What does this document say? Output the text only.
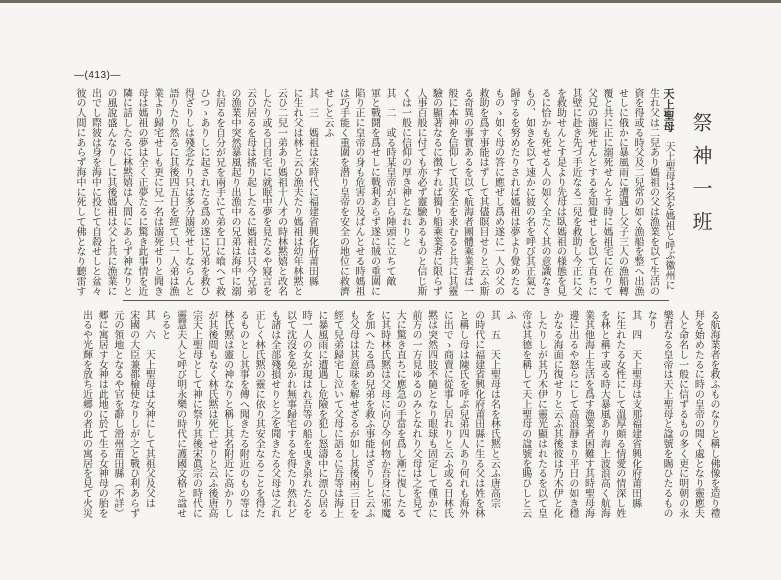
―(413)―
祭神一班
天上聖母　天上聖母は名を媽祖と呼ぶ徽州に
生れ父は二兒あり媽祖の父は漁業を以て生活の
資を得或る時父及二兒常の如く漁船を整へ出漁
せしに俄かに暴風雨に遭遇し父子三人の漁船轉
覆と共に正に溺死せんとす時に媽祖宅に在りて
父兄の溺死せんとするを知覺せしを以て直ちに
其壁に赴き先づ手近なる二兒を救助し今正に父
を救助せんとす是より先母は臥媽祖の様態を見
るに恰かも死せる人の如く全たく其の意識なき
もの、如きを以て速かに彼の名を呼び其正氣に
歸するを努めたりされば媽祖は夢より覺めたる
ものゝ如く母の答に應ぜし爲め遂に一人の父の
救助を爲す事能はずして其儘瞑目せりと云ふ斯
る奇異の事實あるを以て航海者團體乘業者は一
般に本神を信仰して其安全を求むると共に其靈
驗の顯著なるに徴すれば獨り船乘業者に限らず
人事百般に付ても亦必ず靈驗あるものと信じ斯
くは一般に信仰の厚き神となれりと
其　二　或る時某皇帝が自ら陣頭に立ちて敵
軍と戰鬪を爲せしに戰利あらず遂に賊の重圍に
陷り正に皇帝の身も危害の及ばんとせる時媽祖
は巧手能く重圍を潜り皇帝を安全の地位に救濟
せしと云ふ
其　三　媽祖は宋時代に福建省興化府莆田縣
に生れ父は林と云ひ漁夫たり媽祖は幼年林黙と
云ひ二兒一弟あり媽祖十八才の時林黙嬉と改名
したり或る日自宅に就眠中夢を見たるや寢言を
云ひ居るを母は搖り起したるに媽祖は只今兄弟
の漁業中突然暴風起り出漁中の兄弟は海中に溺
れ居るを自分が兄を兩手にて弟を口に喰へて救
ひつゝありしに起されたる爲め遂に兄弟を救ひ
得ざりしは殘念なり只は多分溺死せしならんと
語りたり然るに其後四五日を經て只一人弟は漁
業より歸宅せしも更に兄一名は溺死せりと聞き
母は媽祖の夢は全く正夢たるに驚き此事情を近
隣に話したるに林黙嬉は人間にあらず神なりと
の風說盛んなりしに其後媽祖は父と共に漁業に
出でし際彼は身を海中に投じて自殺せしと盆々
彼の人間にあらず海中に死して佛となり聽雷す
る航海業者を救ふものなりと稱し佛像を造り禮
拜を始めたるに時の皇帝の聞く處となり靈應夫
人と命名し一般に信ずるもの多く更に明朝の永
樂君なる皇帝は天上聖母と諡號を賜ひたるもの
なり
其　四　天上聖母は支那福建省興化府莆田縣
に生れたる女性にして溫厚頗る情愛の情深し姓
を林と稱す或る時大暴風あり海上波浪高く航海
業其他海上生活を爲す漁業者困難す其時聖母海
邊に出るや怒らにして高浪靜まり平日の如き穩
かなる海面に復せりと云ふ其後彼は乃木伊と化
したりしが其乃木伊に靈光顯はれたるを以て皇
帝は其德を稱して天上聖母の諡號を賜ひしと云
ふ
其　五　天上聖母は名を林氏黙と云ふ唐高宗
の時代に福建省興化府莆田縣に生る父は姓を林
と稱し母は陳氏を呼ぶ兒弟四人あり何れも海外
に出でゝ商賣に從事し居れりと云ふ或る日林氏
黙は突然四肢不隨となり眼球も固定して僅かに
前方の一方見ゆるのみとなれり父母は之を見て
大に驚き直ちに應急の手當を爲し漸に復したる
に其時林氏黙は父母に向ひ今何物か吾身に邪魔
を加へたる爲め兒弟を救ふ事能はざりしと云ふ
も父母は其意味を解せざるが如し其後兩三日を
經て兒弟歸宅し泣いて父母に語るに吾等は海上
に暴風雨に遭遇し危險を犯し怒濤中に漂ひ居る
時一人の女が現はれ吾等の船を曳き泉れたるを
以て沈沒を免かれ無事歸宅するを得たり然れど
も諸は全部殘損せりと之を聞きたる父母は之れ
正しく林氏黙の靈に依り其安全なることを得た
るものとし其事を傳へ聞きたる附近のもの等は
林氏黙は靈の神なりと稱し其名附近に高かりし
が其後間もなく林氏黙は死亡せりと云ふ後唐高
宗天上聖母として神に祭り其後宋眞宗の時代に
靈慧夫人と呼び明永樂の時代に護國文格と諡せ
らると
其　六　天上聖母は女神にして其祖父及父は
宋國の大臣兼都檢使なりしが之と戰ひ利あらず
元の領地となるや官を辭し滑州莆田縣（不詳）
郷に寓居す女神は此地に於て生る女神母の胎を
出るや光輝を放ち近郷の者此の寓居を見て火災
